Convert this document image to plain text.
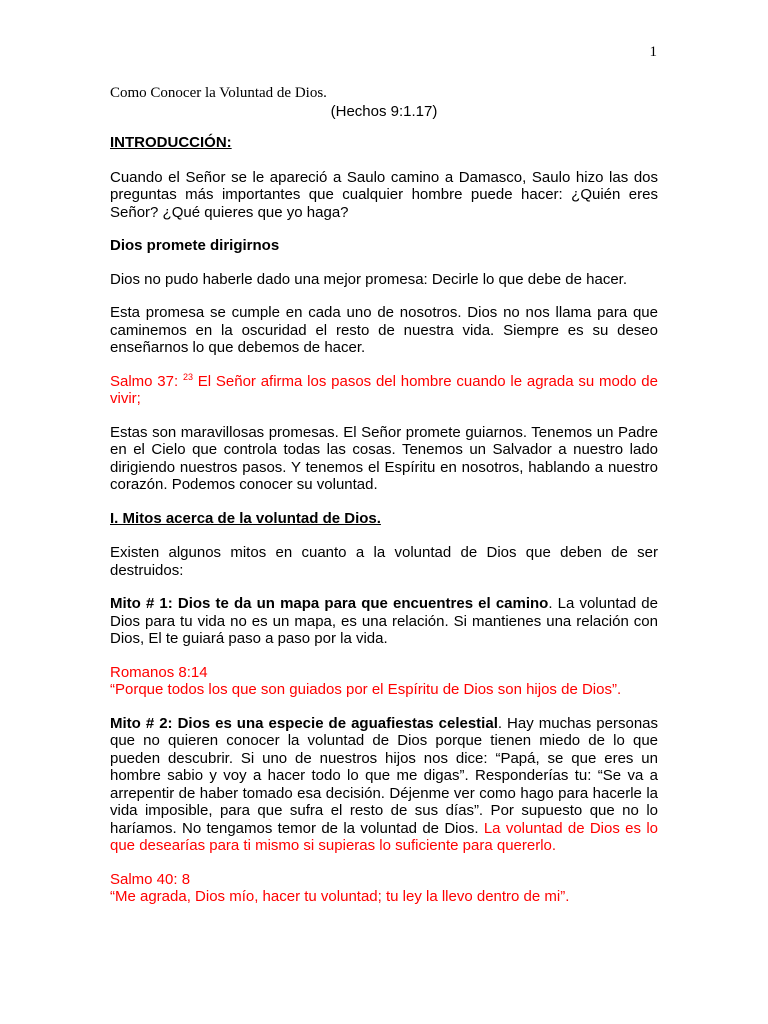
1
Como Conocer la Voluntad de Dios.
(Hechos 9:1.17)

INTRODUCCIÓN:

Cuando el Señor se le apareció a Saulo camino a Damasco, Saulo hizo las dos preguntas más importantes que cualquier hombre puede hacer: ¿Quién eres Señor? ¿Qué quieres que yo haga?

Dios promete dirigirnos

Dios no pudo haberle dado una mejor promesa: Decirle lo que debe de hacer.

Esta promesa se cumple en cada uno de nosotros. Dios no nos llama para que caminemos en la oscuridad el resto de nuestra vida. Siempre es su deseo enseñarnos lo que debemos de hacer.

Salmo 37: $^{23}$ El Señor afirma los pasos del hombre cuando le agrada su modo de vivir;

Estas son maravillosas promesas. El Señor promete guiarnos. Tenemos un Padre en el Cielo que controla todas las cosas. Tenemos un Salvador a nuestro lado dirigiendo nuestros pasos. Y tenemos el Espíritu en nosotros, hablando a nuestro corazón. Podemos conocer su voluntad.

I. Mitos acerca de la voluntad de Dios.

Existen algunos mitos en cuanto a la voluntad de Dios que deben de ser destruidos:

Mito # 1: Dios te da un mapa para que encuentres el camino. La voluntad de Dios para tu vida no es un mapa, es una relación. Si mantienes una relación con Dios, El te guiará paso a paso por la vida.

Romanos 8:14
“Porque todos los que son guiados por el Espíritu de Dios son hijos de Dios”.

Mito # 2: Dios es una especie de aguafiestas celestial. Hay muchas personas que no quieren conocer la voluntad de Dios porque tienen miedo de lo que pueden descubrir. Si uno de nuestros hijos nos dice: “Papá, se que eres un hombre sabio y voy a hacer todo lo que me digas”. Responderías tu: “Se va a arrepentir de haber tomado esa decisión. Déjenme ver como hago para hacerle la vida imposible, para que sufra el resto de sus días”. Por supuesto que no lo haríamos. No tengamos temor de la voluntad de Dios. La voluntad de Dios es lo que desearías para ti mismo si supieras lo suficiente para quererlo.

Salmo 40: 8
“Me agrada, Dios mío, hacer tu voluntad; tu ley la llevo dentro de mi”.
